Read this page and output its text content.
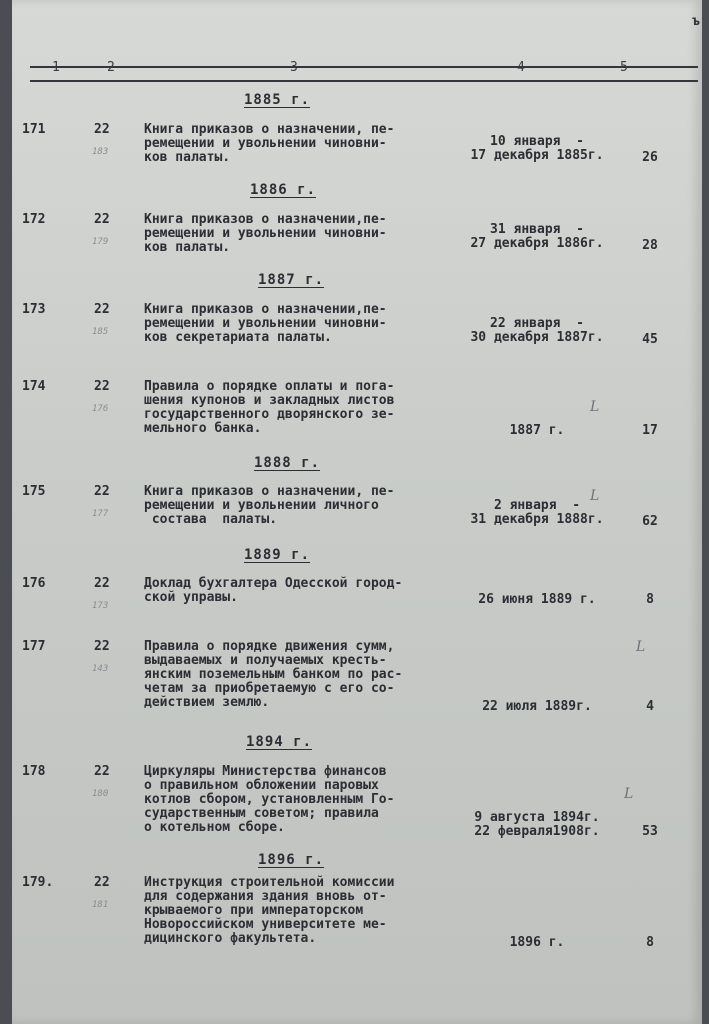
ъ
1885 г.
1886 г.
1887 г.
1888 г.
1889 г.
1894 г.
1896 г.
171	22
183
Книга приказов о назначении, пе-
ремещении и увольнении чиновни-
ков палаты.
10 января  -
17 декабря 1885г.	26
172	22
179
Книга приказов о назначении,пе-
ремещении и увольнении чиновни-
ков палаты.
31 января  -
27 декабря 1886г.	28
173	22
185
Книга приказов о назначении,пе-
ремещении и увольнении чиновни-
ков секретариата палаты.
22 января  -
30 декабря 1887г.	45
174	22
176
Правила о порядке оплаты и пога-
шения купонов и закладных листов
государственного дворянского зе-
мельного банка.
L
1887 г.	17
175	22
177
Книга приказов о назначении, пе-
ремещении и увольнении личного
состава  палаты.
L
2 января  -
31 декабря 1888г.	62
176	22
173
Доклад бухгалтера Одесской город-
ской управы.	26 июня 1889 г.	8
177	22
143
Правила о порядке движения сумм,
выдаваемых и получаемых кресть-
янским поземельным банком по рас-
четам за приобретаемую с его со-
действием землю.
L
22 июля 1889г.	4
178	22
180
Циркуляры Министерства финансов
о правильном обложении паровых
котлов сбором, установленным Го-
сударственным советом; правила
о котельном сборе.
L
9 августа 1894г.
22 февраля1908г.	53
179.	22
181
Инструкция строительной комиссии
для содержания здания вновь от-
крываемого при императорском
Новороссийском университете ме-
дицинского факультета.	1896 г.	8
